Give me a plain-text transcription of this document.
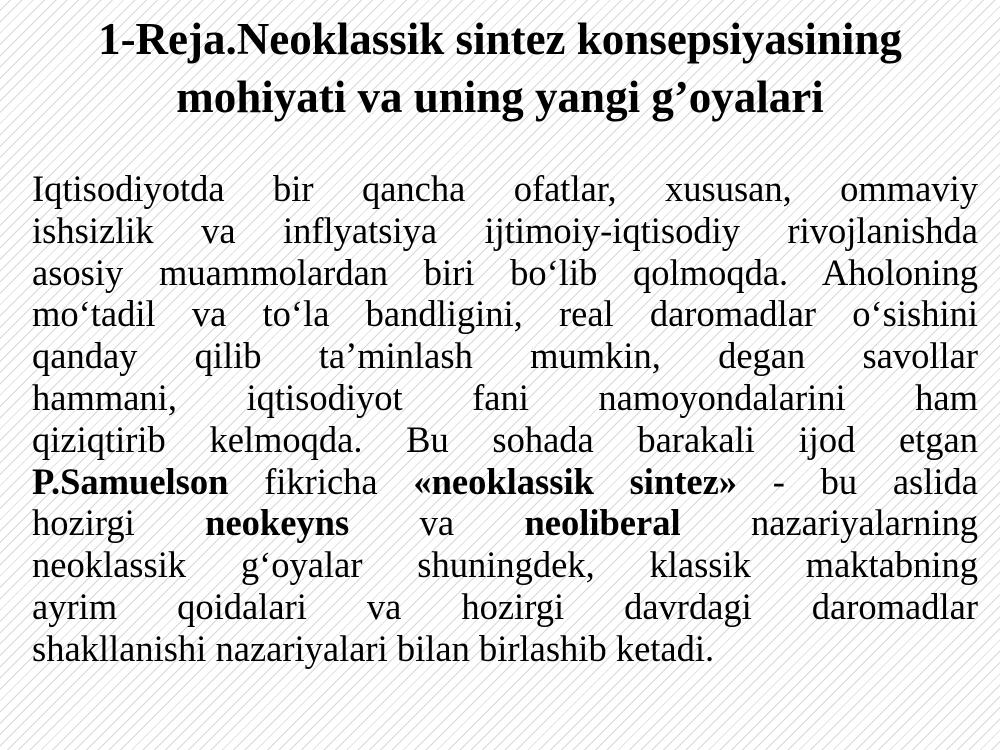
1-Reja.Neoklassik sintez konsepsiyasining
mohiyati va uning yangi g’oyalari

Iqtisodiyotda bir qancha ofatlar, xususan, ommaviy
ishsizlik va inflyatsiya ijtimoiy-iqtisodiy rivojlanishda
asosiy muammolardan biri bo‘lib qolmoqda. Aholoning
mo‘tadil va to‘la bandligini, real daromadlar o‘sishini
qanday qilib ta’minlash mumkin, degan savollar
hammani, iqtisodiyot fani namoyondalarini ham
qiziqtirib kelmoqda. Bu sohada barakali ijod etgan
P.Samuelson fikricha «neoklassik sintez» - bu aslida
hozirgi neokeyns va neoliberal nazariyalarning
neoklassik g‘oyalar shuningdek, klassik maktabning
ayrim qoidalari va hozirgi davrdagi daromadlar
shakllanishi nazariyalari bilan birlashib ketadi.
